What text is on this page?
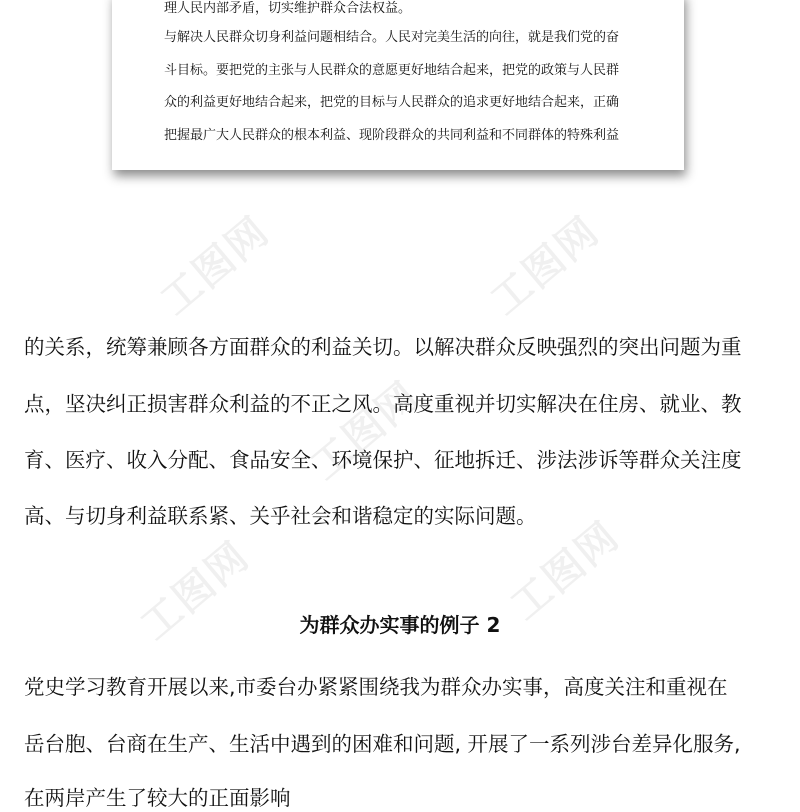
理人民内部矛盾，切实维护群众合法权益。

与解决人民群众切身利益问题相结合。人民对完美生活的向往，就是我们党的奋

斗目标。要把党的主张与人民群众的意愿更好地结合起来，把党的政策与人民群

众的利益更好地结合起来，把党的目标与人民群众的追求更好地结合起来，正确

把握最广大人民群众的根本利益、现阶段群众的共同利益和不同群体的特殊利益

工图网	工图网
工图网
工图网	工图网

的关系，统筹兼顾各方面群众的利益关切。以解决群众反映强烈的突出问题为重

点，坚决纠正损害群众利益的不正之风。高度重视并切实解决在住房、就业、教

育、医疗、收入分配、食品安全、环境保护、征地拆迁、涉法涉诉等群众关注度

高、与切身利益联系紧、关乎社会和谐稳定的实际问题。

为群众办实事的例子 2

党史学习教育开展以来,市委台办紧紧围绕我为群众办实事，高度关注和重视在

岳台胞、台商在生产、生活中遇到的困难和问题, 开展了一系列涉台差异化服务,

在两岸产生了较大的正面影响
